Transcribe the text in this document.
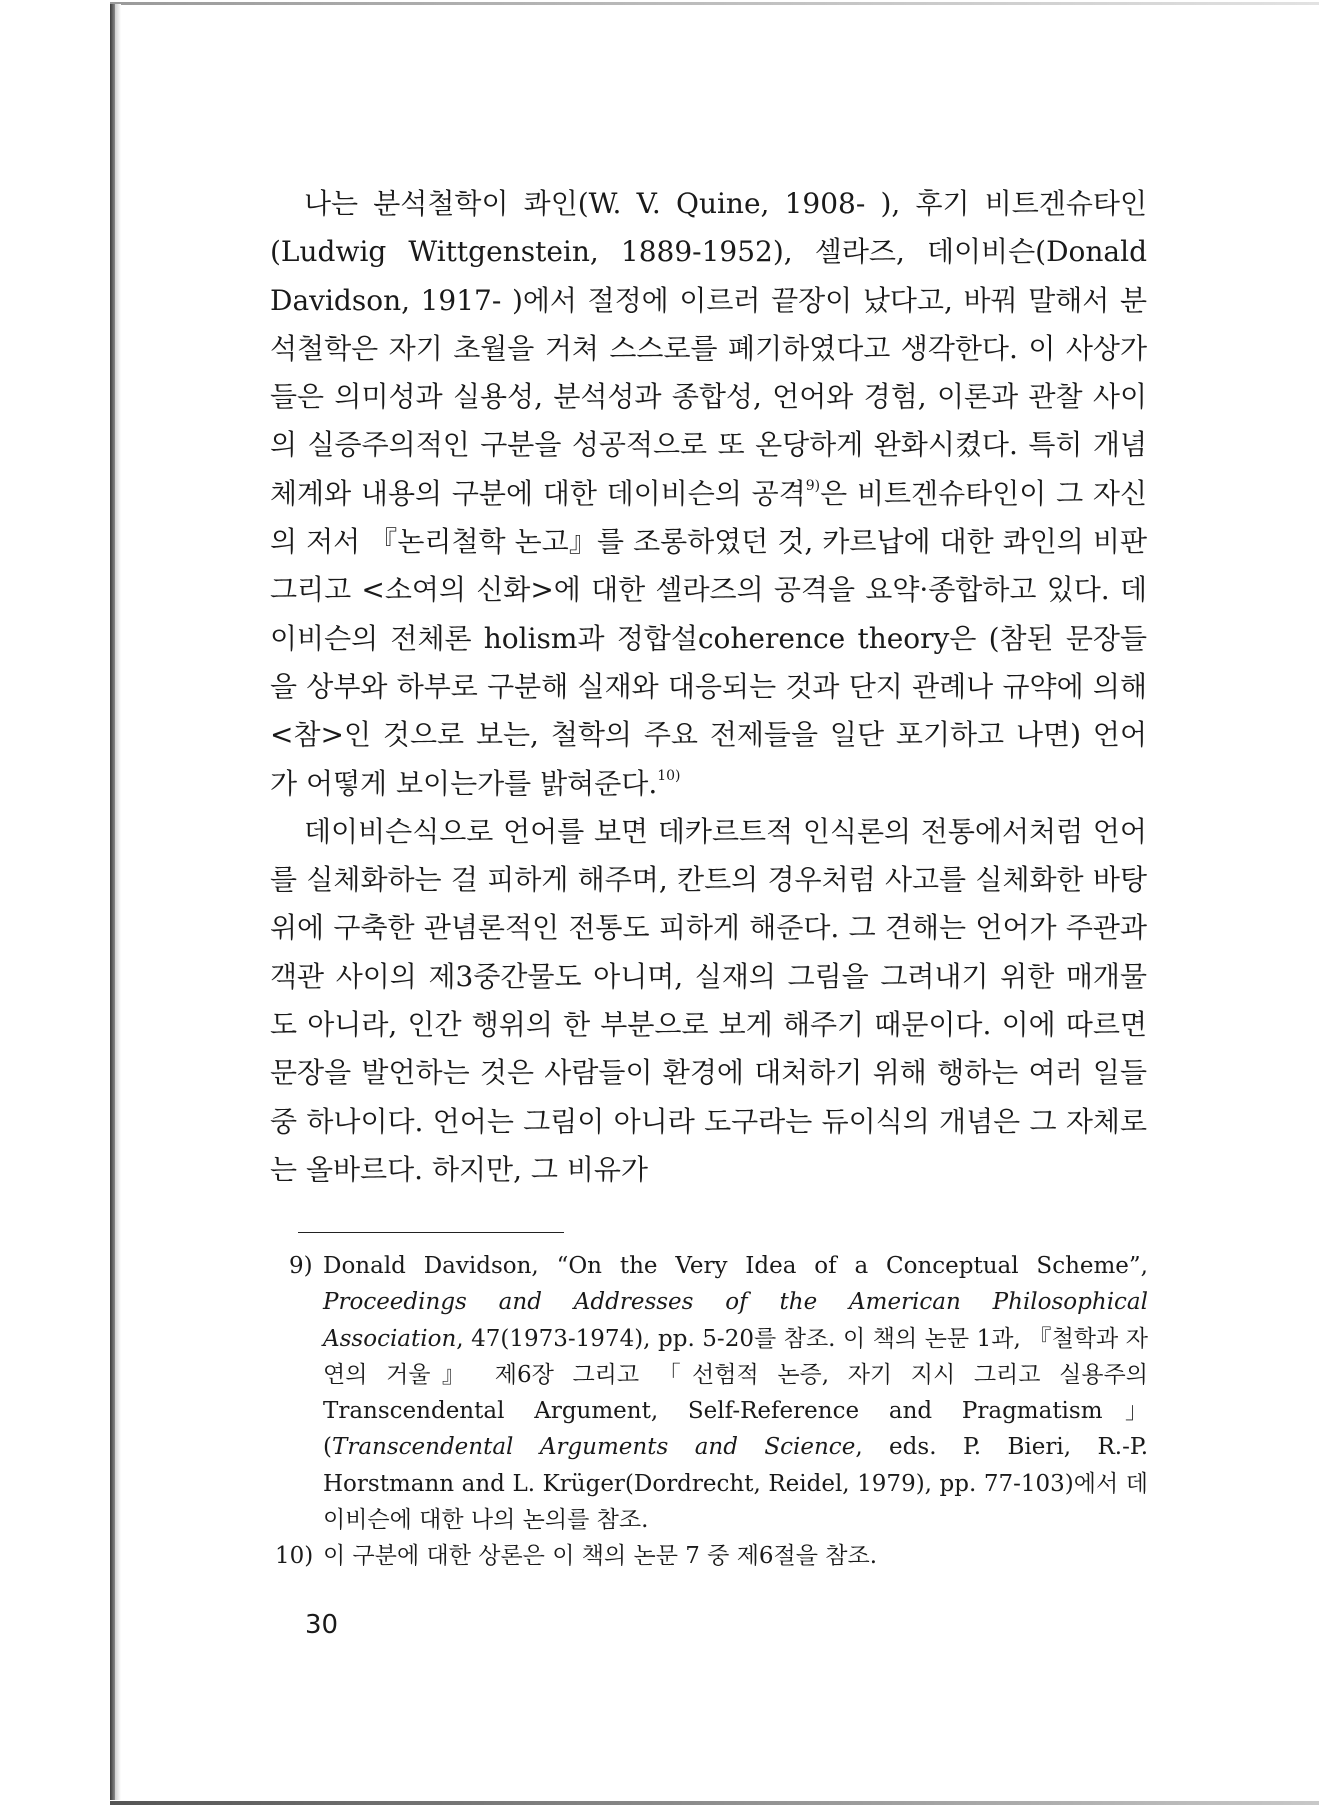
나는 분석철학이 콰인(W. V. Quine, 1908- ), 후기 비트겐슈타인(Ludwig Wittgenstein, 1889-1952), 셀라즈, 데이비슨(Donald Davidson, 1917- )에서 절정에 이르러 끝장이 났다고, 바꿔 말해서 분석철학은 자기 초월을 거쳐 스스로를 폐기하였다고 생각한다. 이 사상가들은 의미성과 실용성, 분석성과 종합성, 언어와 경험, 이론과 관찰 사이의 실증주의적인 구분을 성공적으로 또 온당하게 완화시켰다. 특히 개념 체계와 내용의 구분에 대한 데이비슨의 공격$^{9)}$은 비트겐슈타인이 그 자신의 저서 『논리철학 논고』를 조롱하였던 것, 카르납에 대한 콰인의 비판 그리고 <소여의 신화>에 대한 셀라즈의 공격을 요약·종합하고 있다. 데이비슨의 전체론 holism과 정합설coherence theory은 (참된 문장들을 상부와 하부로 구분해 실재와 대응되는 것과 단지 관례나 규약에 의해 <참>인 것으로 보는, 철학의 주요 전제들을 일단 포기하고 나면) 언어가 어떻게 보이는가를 밝혀준다.$^{10)}$

데이비슨식으로 언어를 보면 데카르트적 인식론의 전통에서처럼 언어를 실체화하는 걸 피하게 해주며, 칸트의 경우처럼 사고를 실체화한 바탕 위에 구축한 관념론적인 전통도 피하게 해준다. 그 견해는 언어가 주관과 객관 사이의 제3중간물도 아니며, 실재의 그림을 그려내기 위한 매개물도 아니라, 인간 행위의 한 부분으로 보게 해주기 때문이다. 이에 따르면 문장을 발언하는 것은 사람들이 환경에 대처하기 위해 행하는 여러 일들 중 하나이다. 언어는 그림이 아니라 도구라는 듀이식의 개념은 그 자체로는 올바르다. 하지만, 그 비유가

9) Donald Davidson, “On the Very Idea of a Conceptual Scheme”, Proceedings and Addresses of the American Philosophical Association, 47(1973-1974), pp. 5-20를 참조. 이 책의 논문 1과, 『철학과 자연의 거울』 제6장 그리고 「선험적 논증, 자기 지시 그리고 실용주의Transcendental Argument, Self-Reference and Pragmatism」(Transcendental Arguments and Science, eds. P. Bieri, R.-P. Horstmann and L. Krüger(Dordrecht, Reidel, 1979), pp. 77-103)에서 데이비슨에 대한 나의 논의를 참조.

10) 이 구분에 대한 상론은 이 책의 논문 7 중 제6절을 참조.

30
